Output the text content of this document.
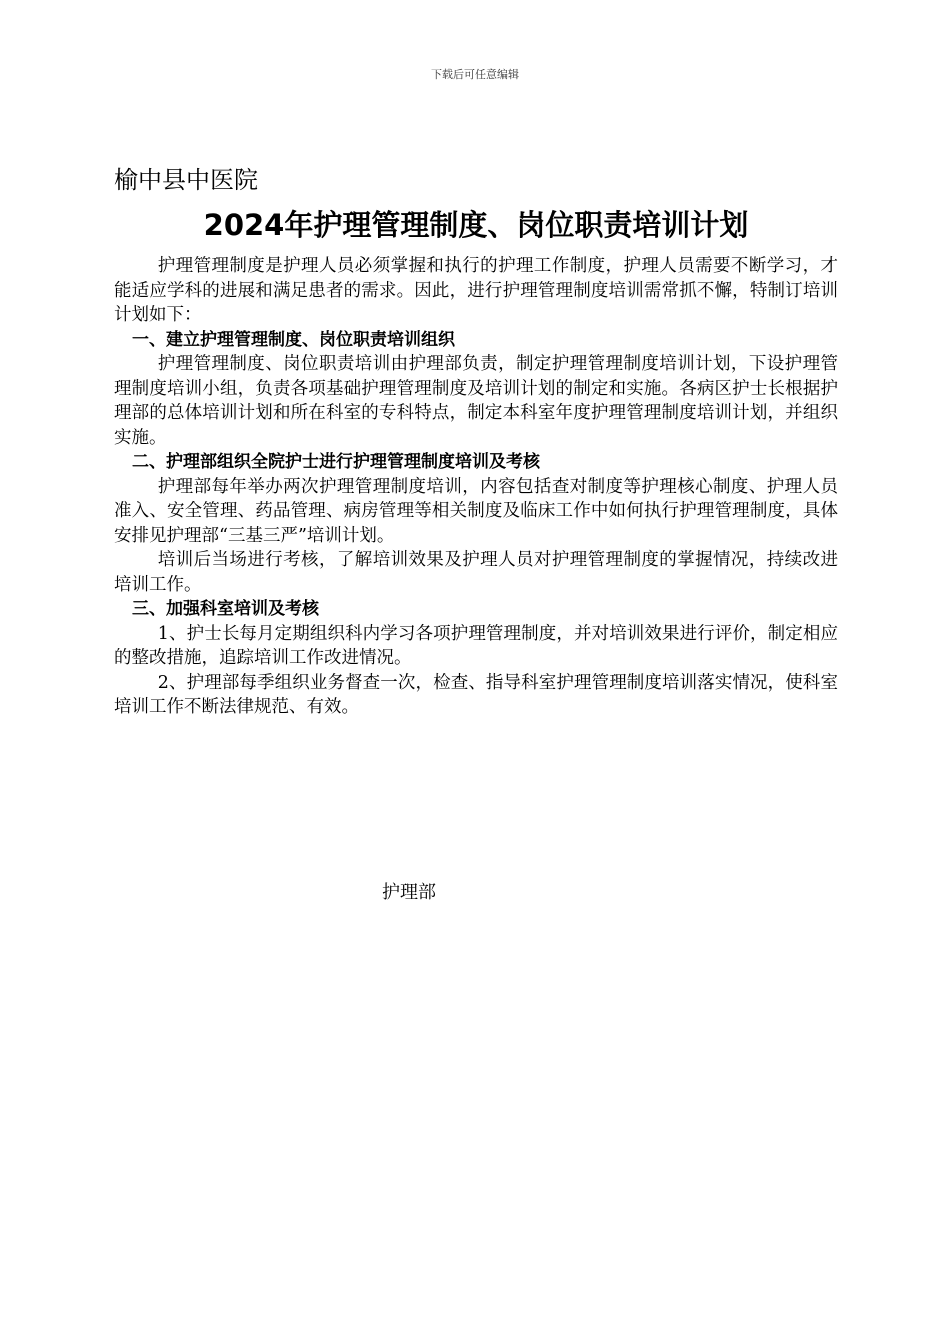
下载后可任意编辑
榆中县中医院
2024年护理管理制度、岗位职责培训计划

护理管理制度是护理人员必须掌握和执行的护理工作制度，护理人员需要不断学习，才能适应学科的进展和满足患者的需求。因此，进行护理管理制度培训需常抓不懈，特制订培训计划如下：

一、建立护理管理制度、岗位职责培训组织

护理管理制度、岗位职责培训由护理部负责，制定护理管理制度培训计划，下设护理管理制度培训小组，负责各项基础护理管理制度及培训计划的制定和实施。各病区护士长根据护理部的总体培训计划和所在科室的专科特点，制定本科室年度护理管理制度培训计划，并组织实施。

二、护理部组织全院护士进行护理管理制度培训及考核

护理部每年举办两次护理管理制度培训，内容包括查对制度等护理核心制度、护理人员准入、安全管理、药品管理、病房管理等相关制度及临床工作中如何执行护理管理制度，具体安排见护理部“三基三严”培训计划。

培训后当场进行考核，了解培训效果及护理人员对护理管理制度的掌握情况，持续改进培训工作。

三、加强科室培训及考核

1、护士长每月定期组织科内学习各项护理管理制度，并对培训效果进行评价，制定相应的整改措施，追踪培训工作改进情况。

2、护理部每季组织业务督查一次，检查、指导科室护理管理制度培训落实情况，使科室培训工作不断法律规范、有效。

护理部
